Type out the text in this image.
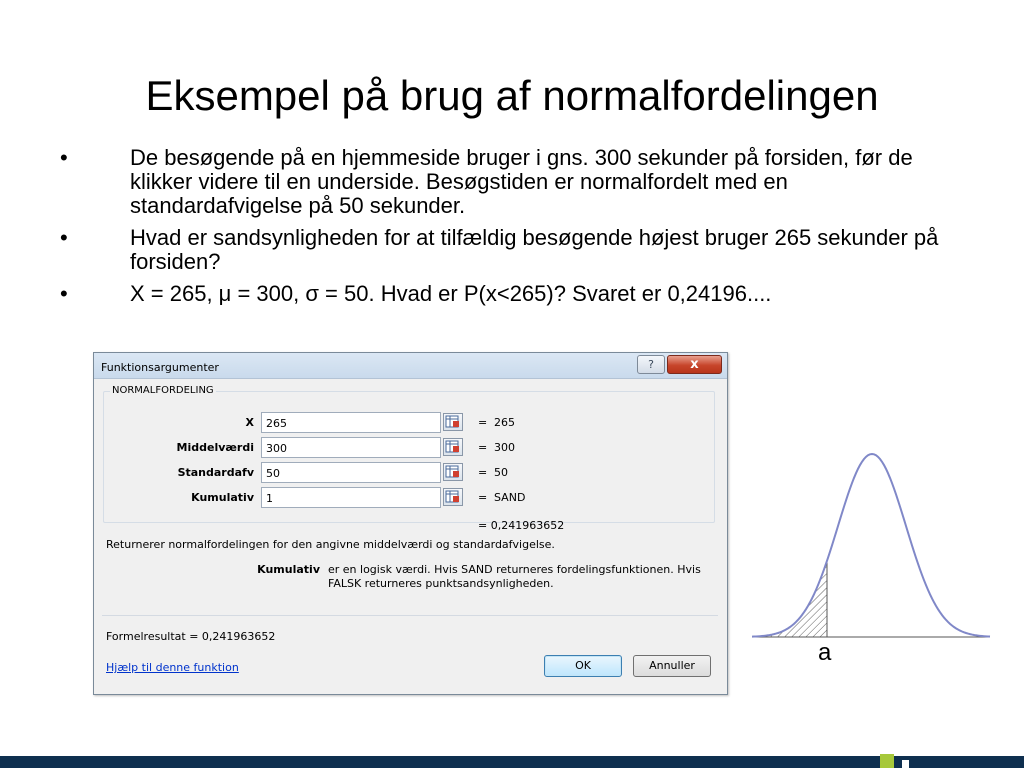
Eksempel på brug af normalfordelingen
•	De besøgende på en hjemmeside bruger i gns. 300 sekunder på forsiden, før de klikker videre til en underside. Besøgstiden er normalfordelt med en standardafvigelse på 50 sekunder.
•	Hvad er sandsynligheden for at tilfældig besøgende højest bruger 265 sekunder på forsiden?
•	X = 265, μ = 300, σ = 50. Hvad er P(x<265)? Svaret er 0,24196....
Funktionsargumenter	?	x
NORMALFORDELING
X	265	= 265
Middelværdi	300	= 300
Standardafv	50	= 50
Kumulativ	1	= SAND
= 0,241963652
Returnerer normalfordelingen for den angivne middelværdi og standardafvigelse.
Kumulativ er en logisk værdi. Hvis SAND returneres fordelingsfunktionen. Hvis FALSK returneres punktsandsynligheden.
Formelresultat = 0,241963652
Hjælp til denne funktion	OK	Annuller	a
